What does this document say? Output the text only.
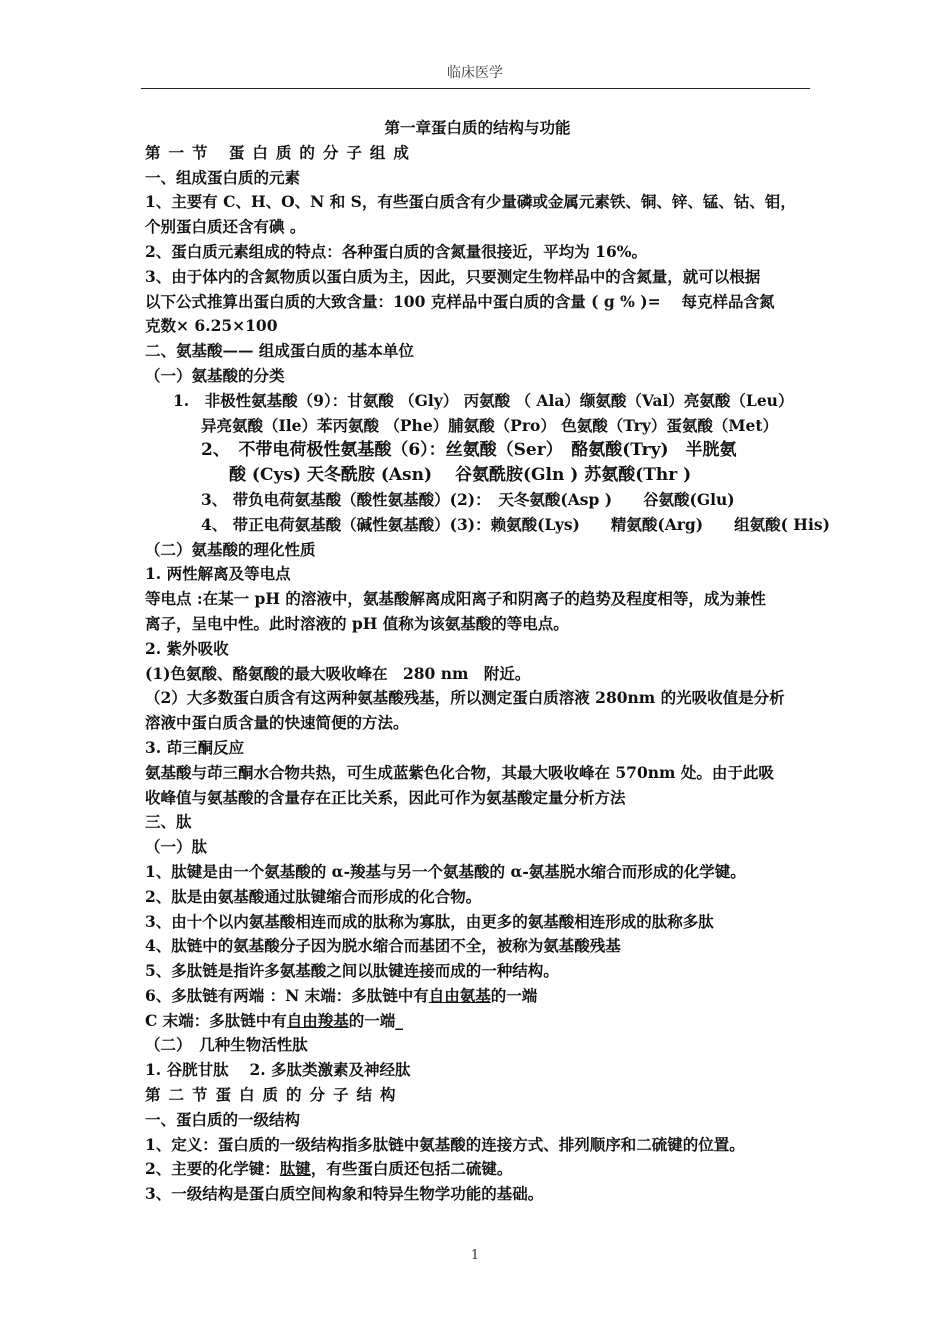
临床医学
第一章蛋白质的结构与功能
第一节 蛋白质的分子组成
一、组成蛋白质的元素
1、主要有 C、H、O、N 和 S，有些蛋白质含有少量磷或金属元素铁、铜、锌、锰、钴、钼，
个别蛋白质还含有碘 。
2、蛋白质元素组成的特点：各种蛋白质的含氮量很接近，平均为 16%。
3、由于体内的含氮物质以蛋白质为主，因此，只要测定生物样品中的含氮量，就可以根据
以下公式推算出蛋白质的大致含量：100 克样品中蛋白质的含量 ( g % )=　 每克样品含氮
克数× 6.25×100
二、氨基酸—— 组成蛋白质的基本单位
（一）氨基酸的分类
1.　非极性氨基酸（9）：甘氨酸 （Gly） 丙氨酸 （ Ala）缬氨酸（Val）亮氨酸（Leu）
异亮氨酸（Ile）苯丙氨酸 （Phe）脯氨酸（Pro） 色氨酸（Try）蛋氨酸（Met）
2、　不带电荷极性氨基酸（6）：丝氨酸（Ser）　酪氨酸(Try)　半胱氨
酸 (Cys) 天冬酰胺 (Asn)　 谷氨酰胺(Gln ) 苏氨酸(Thr )
3、 带负电荷氨基酸（酸性氨基酸）(2)：　天冬氨酸(Asp )　　谷氨酸(Glu)
4、 带正电荷氨基酸（碱性氨基酸）(3)：赖氨酸(Lys)　　精氨酸(Arg)　　组氨酸( His)
（二）氨基酸的理化性质
1. 两性解离及等电点
等电点 :在某一 pH 的溶液中，氨基酸解离成阳离子和阴离子的趋势及程度相等，成为兼性
离子，呈电中性。此时溶液的 pH 值称为该氨基酸的等电点。
2. 紫外吸收
(1)色氨酸、酪氨酸的最大吸收峰在　280 nm　附近。
（2）大多数蛋白质含有这两种氨基酸残基，所以测定蛋白质溶液 280nm 的光吸收值是分析
溶液中蛋白质含量的快速简便的方法。
3. 茚三酮反应
氨基酸与茚三酮水合物共热，可生成蓝紫色化合物，其最大吸收峰在 570nm 处。由于此吸
收峰值与氨基酸的含量存在正比关系，因此可作为氨基酸定量分析方法
三、肽
（一）肽
1、肽键是由一个氨基酸的 α-羧基与另一个氨基酸的 α-氨基脱水缩合而形成的化学键。
2、肽是由氨基酸通过肽键缩合而形成的化合物。
3、由十个以内氨基酸相连而成的肽称为寡肽，由更多的氨基酸相连形成的肽称多肽
4、肽链中的氨基酸分子因为脱水缩合而基团不全，被称为氨基酸残基
5、多肽链是指许多氨基酸之间以肽键连接而成的一种结构。
6、多肽链有两端 ：N 末端：多肽链中有自由氨基的一端
C 末端：多肽链中有自由羧基的一端_
（二）　几种生物活性肽
1. 谷胱甘肽　 2. 多肽类激素及神经肽
第二节蛋白质的分子结构
一、蛋白质的一级结构
1、定义：蛋白质的一级结构指多肽链中氨基酸的连接方式、排列顺序和二硫键的位置。
2、主要的化学键：肽键，有些蛋白质还包括二硫键。
3、一级结构是蛋白质空间构象和特异生物学功能的基础。
1
